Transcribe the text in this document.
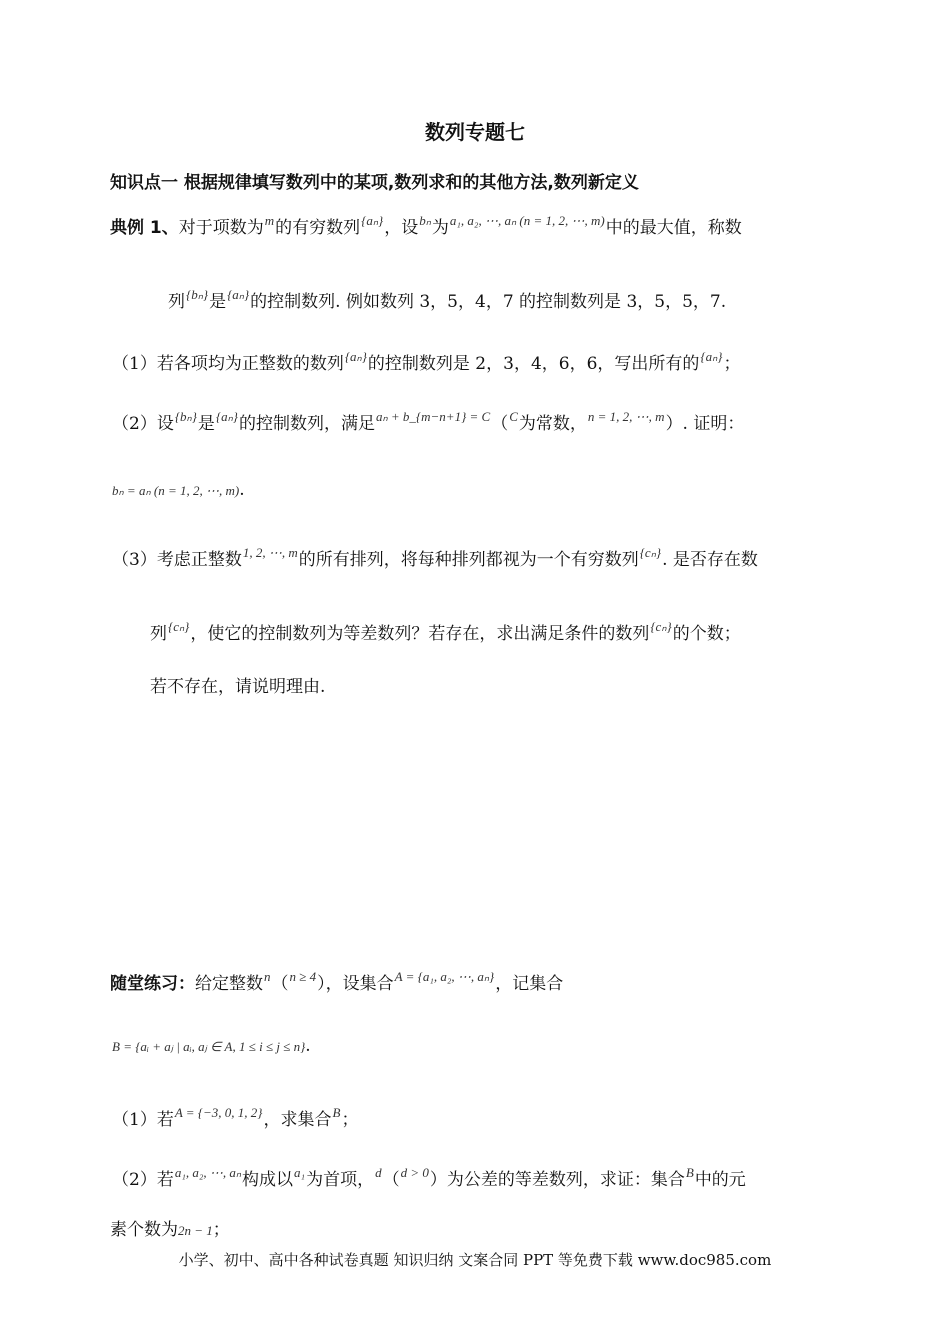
数列专题七
知识点一 根据规律填写数列中的某项,数列求和的其他方法,数列新定义
典例 1、对于项数为$^m$的有穷数列$^{\{a_n\}}$，设$^{b_n}$为$^{a_1, a_2, \cdots, a_n (n = 1, 2, \cdots, m)}$中的最大值，称数
列$^{\{b_n\}}$是$^{\{a_n\}}$的控制数列. 例如数列 3，5，4，7 的控制数列是 3，5，5，7.
（1）若各项均为正整数的数列$^{\{a_n\}}$的控制数列是 2，3，4，6，6，写出所有的$^{\{a_n\}}$；
（2）设$^{\{b_n\}}$是$^{\{a_n\}}$的控制数列，满足$^{a_n + b\_\{m-n+1\} = C}$（$^C$为常数，$^{n = 1, 2, \cdots, m}$）. 证明：
bₙ = aₙ (n = 1, 2, ⋯, m).
（3）考虑正整数$^{1, 2, \cdots, m}$的所有排列，将每种排列都视为一个有穷数列$^{\{c_n\}}$. 是否存在数
列$^{\{c_n\}}$，使它的控制数列为等差数列？若存在，求出满足条件的数列$^{\{c_n\}}$的个数；
若不存在，请说明理由.
随堂练习：给定整数$^n$（$^{n \ge 4}$），设集合$^{A = \{a_1, a_2, \cdots, a_n\}}$，记集合
B = {aᵢ + aⱼ | aᵢ, aⱼ ∈ A, 1 ≤ i ≤ j ≤ n}.
（1）若$^{A = \{-3, 0, 1, 2\}}$，求集合$^B$；
（2）若$^{a_1, a_2, \cdots, a_n}$构成以$^{a_1}$为首项，$^d$（$^{d > 0}$）为公差的等差数列，求证：集合$^B$中的元
素个数为2n − 1；
小学、初中、高中各种试卷真题 知识归纳 文案合同 PPT 等免费下载 www.doc985.com
